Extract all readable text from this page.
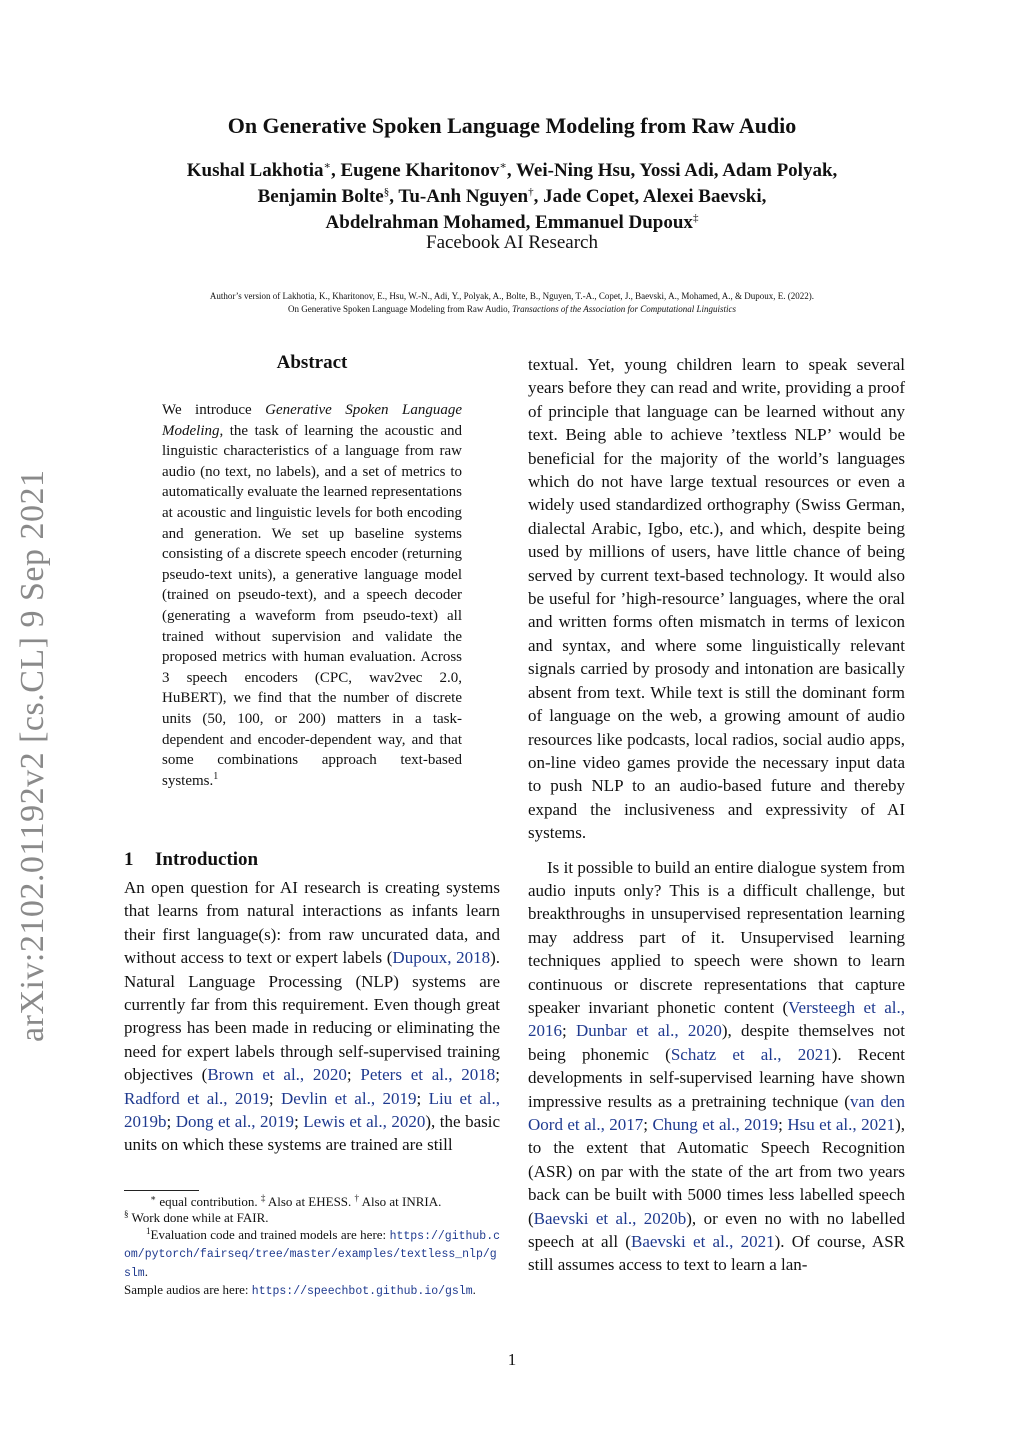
On Generative Spoken Language Modeling from Raw Audio
Kushal Lakhotia∗, Eugene Kharitonov∗, Wei-Ning Hsu, Yossi Adi, Adam Polyak,
Benjamin Bolte§, Tu-Anh Nguyen†, Jade Copet, Alexei Baevski,
Abdelrahman Mohamed, Emmanuel Dupoux‡
Facebook AI Research
Author’s version of Lakhotia, K., Kharitonov, E., Hsu, W.-N., Adi, Y., Polyak, A., Bolte, B., Nguyen, T.-A., Copet, J., Baevski, A., Mohamed, A., & Dupoux, E. (2022).
On Generative Spoken Language Modeling from Raw Audio, Transactions of the Association for Computational Linguistics
arXiv:2102.01192v2 [cs.CL] 9 Sep 2021
Abstract
We introduce Generative Spoken Language Modeling, the task of learning the acoustic and linguistic characteristics of a language from raw audio (no text, no labels), and a set of metrics to automatically evaluate the learned representations at acoustic and linguistic levels for both encoding and generation. We set up baseline systems consisting of a discrete speech encoder (returning pseudo-text units), a generative language model (trained on pseudo-text), and a speech decoder (generating a waveform from pseudo-text) all trained without supervision and validate the proposed metrics with human evaluation. Across 3 speech encoders (CPC, wav2vec 2.0, HuBERT), we find that the number of discrete units (50, 100, or 200) matters in a task-dependent and encoder-dependent way, and that some combinations approach text-based systems.$^1$
1 Introduction

An open question for AI research is creating systems that learns from natural interactions as infants learn their first language(s): from raw uncurated data, and without access to text or expert labels (Dupoux, 2018). Natural Language Processing (NLP) systems are currently far from this requirement. Even though great progress has been made in reducing or eliminating the need for expert labels through self-supervised training objectives (Brown et al., 2020; Peters et al., 2018; Radford et al., 2019; Devlin et al., 2019; Liu et al., 2019b; Dong et al., 2019; Lewis et al., 2020), the basic units on which these systems are trained are still

textual. Yet, young children learn to speak several years before they can read and write, providing a proof of principle that language can be learned without any text. Being able to achieve ’textless NLP’ would be beneficial for the majority of the world’s languages which do not have large textual resources or even a widely used standardized orthography (Swiss German, dialectal Arabic, Igbo, etc.), and which, despite being used by millions of users, have little chance of being served by current text-based technology. It would also be useful for ’high-resource’ languages, where the oral and written forms often mismatch in terms of lexicon and syntax, and where some linguistically relevant signals carried by prosody and intonation are basically absent from text. While text is still the dominant form of language on the web, a growing amount of audio resources like podcasts, local radios, social audio apps, on-line video games provide the necessary input data to push NLP to an audio-based future and thereby expand the inclusiveness and expressivity of AI systems.

Is it possible to build an entire dialogue system from audio inputs only? This is a difficult challenge, but breakthroughs in unsupervised representation learning may address part of it. Unsupervised learning techniques applied to speech were shown to learn continuous or discrete representations that capture speaker invariant phonetic content (Versteegh et al., 2016; Dunbar et al., 2020), despite themselves not being phonemic (Schatz et al., 2021). Recent developments in self-supervised learning have shown impressive results as a pretraining technique (van den Oord et al., 2017; Chung et al., 2019; Hsu et al., 2021), to the extent that Automatic Speech Recognition (ASR) on par with the state of the art from two years back can be built with 5000 times less labelled speech (Baevski et al., 2020b), or even no with no labelled speech at all (Baevski et al., 2021). Of course, ASR still assumes access to text to learn a lan-

∗ equal contribution. ‡ Also at EHESS. † Also at INRIA.
§ Work done while at FAIR.
$^1$Evaluation code and trained models are here: https://github.com/pytorch/fairseq/tree/master/examples/textless_nlp/gslm.
Sample audios are here: https://speechbot.github.io/gslm.
1
